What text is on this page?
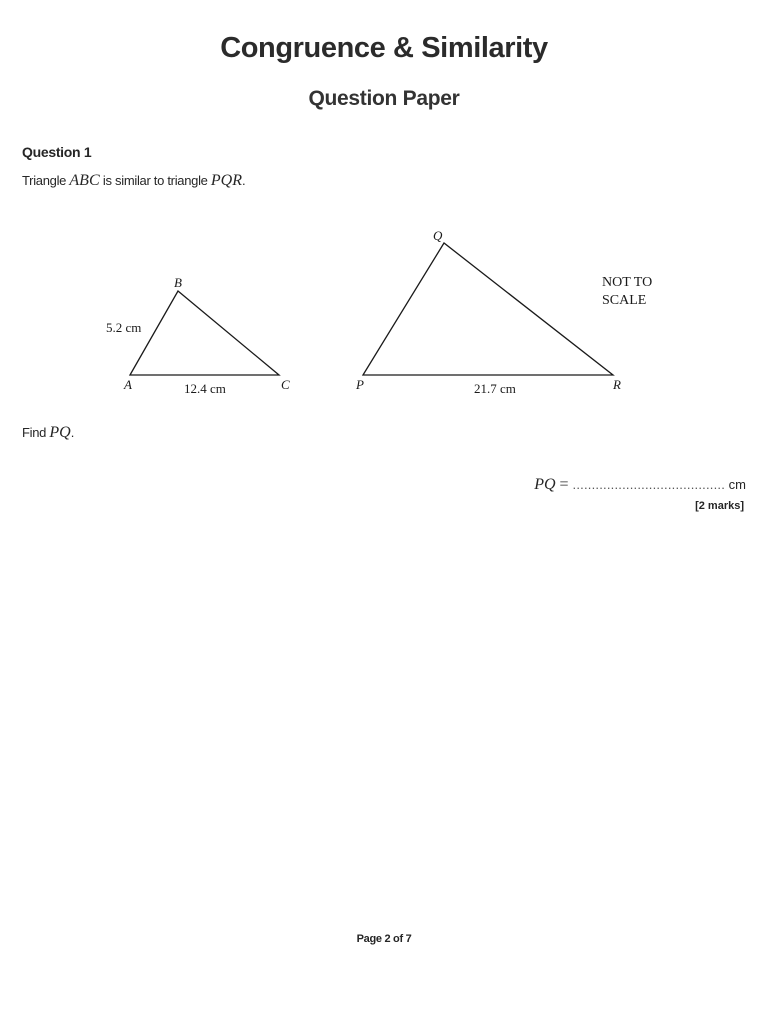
Congruence & Similarity
Question Paper
Question 1
Triangle ABC is similar to triangle PQR.
B
A	C
5.2 cm
12.4 cm
Q
P	R
21.7 cm
NOT TO
SCALE
Find PQ.
PQ = ........................................ cm
[2 marks]
Page 2 of 7
